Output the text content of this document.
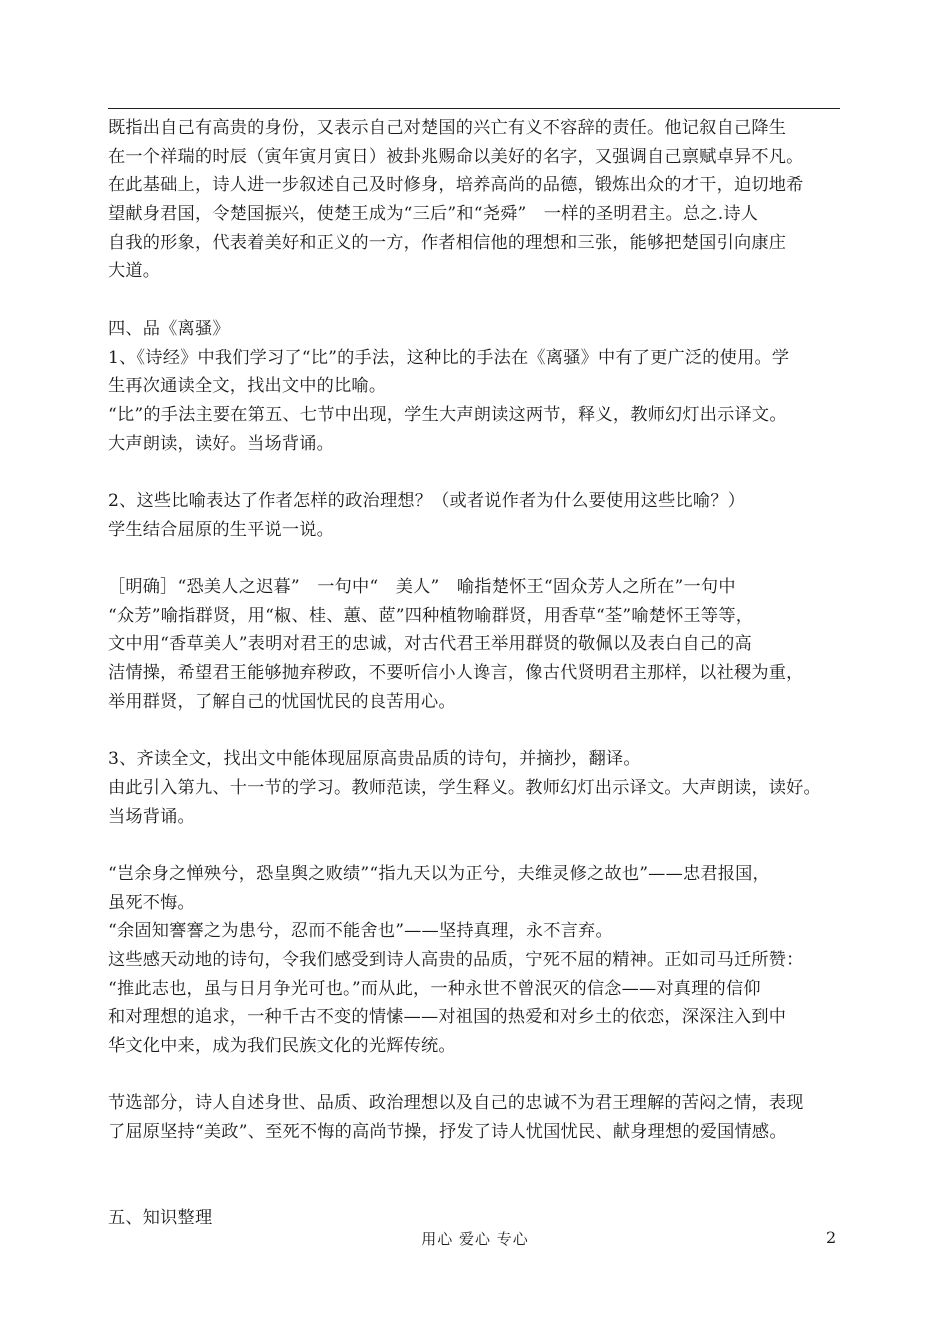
既指出自己有高贵的身份，又表示自己对楚国的兴亡有义不容辞的责任。他记叙自己降生
在一个祥瑞的时辰（寅年寅月寅日）被卦兆赐命以美好的名字，又强调自己禀赋卓异不凡。
在此基础上，诗人进一步叙述自己及时修身，培养高尚的品德，锻炼出众的才干，迫切地希
望献身君国，令楚国振兴，使楚王成为“三后”和“尧舜”　一样的圣明君主。总之.诗人
自我的形象，代表着美好和正义的一方，作者相信他的理想和三张，能够把楚国引向康庄
大道。
四、品《离骚》
1、《诗经》中我们学习了“比”的手法，这种比的手法在《离骚》中有了更广泛的使用。学
生再次通读全文，找出文中的比喻。
“比”的手法主要在第五、七节中出现，学生大声朗读这两节，释义，教师幻灯出示译文。
大声朗读，读好。当场背诵。
2、这些比喻表达了作者怎样的政治理想？（或者说作者为什么要使用这些比喻？）
学生结合屈原的生平说一说。
［明确］“恐美人之迟暮”　一句中“　美人”　喻指楚怀王“固众芳人之所在”一句中
“众芳”喻指群贤，用“椒、桂、蕙、茝”四种植物喻群贤，用香草“荃”喻楚怀王等等，
文中用“香草美人”表明对君王的忠诚，对古代君王举用群贤的敬佩以及表白自己的高
洁情操，希望君王能够抛弃秽政，不要听信小人谗言，像古代贤明君主那样，以社稷为重，
举用群贤，了解自己的忧国忧民的良苦用心。
3、齐读全文，找出文中能体现屈原高贵品质的诗句，并摘抄，翻译。
由此引入第九、十一节的学习。教师范读，学生释义。教师幻灯出示译文。大声朗读，读好。
当场背诵。
“岂余身之惮殃兮，恐皇舆之败绩”“指九天以为正兮，夫维灵修之故也”——忠君报国，
虽死不悔。
“余固知謇謇之为患兮，忍而不能舍也”——坚持真理，永不言弃。
这些感天动地的诗句，令我们感受到诗人高贵的品质，宁死不屈的精神。正如司马迁所赞：
“推此志也，虽与日月争光可也。”而从此，一种永世不曾泯灭的信念——对真理的信仰
和对理想的追求，一种千古不变的情愫——对祖国的热爱和对乡土的依恋，深深注入到中
华文化中来，成为我们民族文化的光辉传统。
节选部分，诗人自述身世、品质、政治理想以及自己的忠诚不为君王理解的苦闷之情，表现
了屈原坚持“美政”、至死不悔的高尚节操，抒发了诗人忧国忧民、献身理想的爱国情感。
五、知识整理
用心 爱心 专心	2
